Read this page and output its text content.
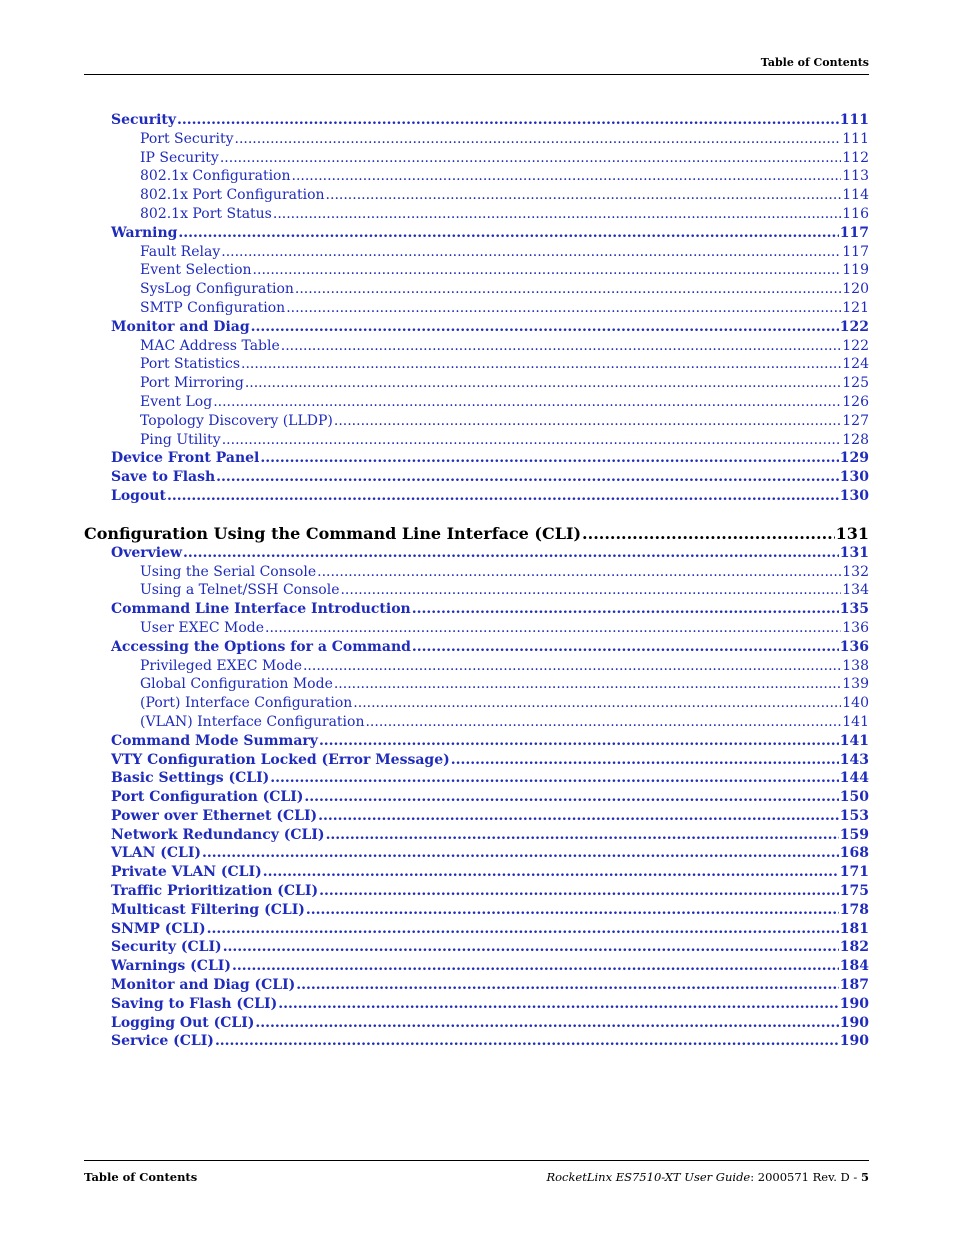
Table of Contents
Security .....	111
Port Security .....	111
IP Security .....	112
802.1x Configuration .....	113
802.1x Port Configuration .....	114
802.1x Port Status .....	116
Warning .....	117
Fault Relay .....	117
Event Selection .....	119
SysLog Configuration .....	120
SMTP Configuration .....	121
Monitor and Diag .....	122
MAC Address Table .....	122
Port Statistics .....	124
Port Mirroring .....	125
Event Log .....	126
Topology Discovery (LLDP) .....	127
Ping Utility .....	128
Device Front Panel .....	129
Save to Flash .....	130
Logout .....	130
Configuration Using the Command Line Interface (CLI) .....	131
Overview .....	131
Using the Serial Console .....	132
Using a Telnet/SSH Console .....	134
Command Line Interface Introduction .....	135
User EXEC Mode .....	136
Accessing the Options for a Command .....	136
Privileged EXEC Mode .....	138
Global Configuration Mode .....	139
(Port) Interface Configuration .....	140
(VLAN) Interface Configuration .....	141
Command Mode Summary .....	141
VTY Configuration Locked (Error Message) .....	143
Basic Settings (CLI) .....	144
Port Configuration (CLI) .....	150
Power over Ethernet (CLI) .....	153
Network Redundancy (CLI) .....	159
VLAN (CLI) .....	168
Private VLAN (CLI) .....	171
Traffic Prioritization (CLI) .....	175
Multicast Filtering (CLI) .....	178
SNMP (CLI) .....	181
Security (CLI) .....	182
Warnings (CLI) .....	184
Monitor and Diag (CLI) .....	187
Saving to Flash (CLI) .....	190
Logging Out (CLI) .....	190
Service (CLI) .....	190
Table of Contents	RocketLinx ES7510-XT User Guide: 2000571 Rev. D - 5
